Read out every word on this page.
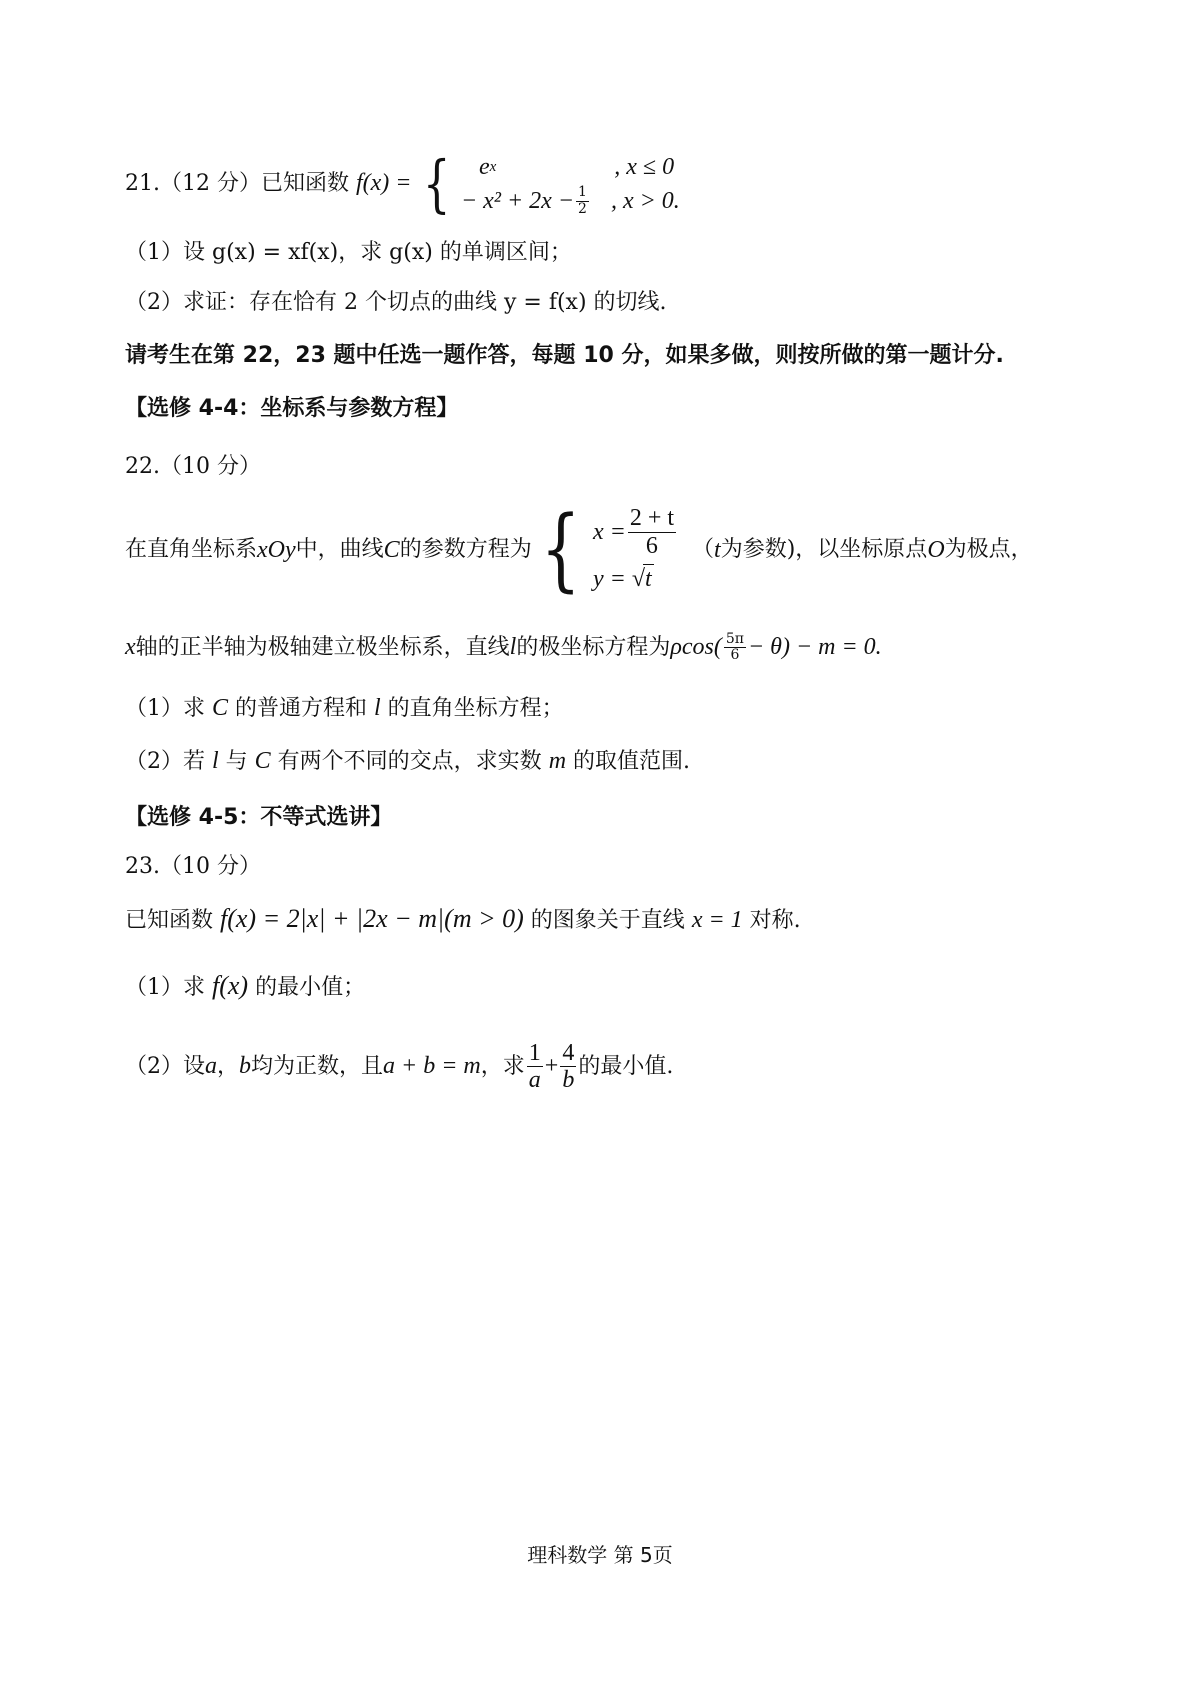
21.（12 分）已知函数 f(x) = { e x	, x ≤ 0
− $x^2 + 2x - \frac{1}{2}$ , x > 0.
（1）设 g(x) = xf(x)，求 g(x) 的单调区间；
（2）求证：存在恰有 2 个切点的曲线 y = f(x) 的切线.
请考生在第 22，23 题中任选一题作答，每题 10 分，如果多做，则按所做的第一题计分.
【选修 4-4：坐标系与参数方程】
22.（10 分）
在直角坐标系 xOy 中，曲线 C 的参数方程为 { $x = \frac{2 + t}{6}$
y = √ t
（ t 为参数)，以坐标原点 O 为极点，
x 轴的正半轴为极轴建立极坐标系，直线 l 的极坐标方程为 $\rho\cos( \frac{5\pi}{6} - \theta) - m = 0$.
（1）求 C 的普通方程和 l 的直角坐标方程；
（2）若 l 与 C 有两个不同的交点，求实数 m 的取值范围.
【选修 4-5：不等式选讲】
23.（10 分）
已知函数 f(x) = 2|x| + |2x − m|(m > 0) 的图象关于直线 x = 1 对称.
（1）求 f(x) 的最小值；
（2）设 a ， b 均为正数，且 a + b = m ，求 $\frac{1}{a} + \frac{4}{b}$ 的最小值.
理科数学 第 5页
